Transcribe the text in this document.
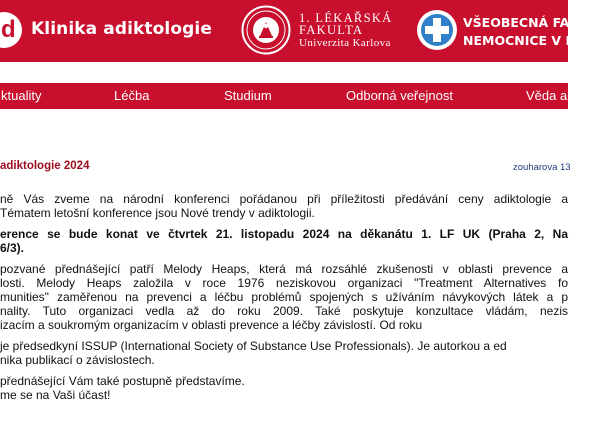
d Klinika adiktologie
1. LÉKAŘSKÁ
FAKULTA
Univerzita Karlova
VŠEOBECNÁ FAKU
NEMOCNICE V PR
ktuality	Léčba	Studium	Odborná veřejnost	Věda a
adiktologie 2024	zouharova 13
ně Vás zveme na národní konferenci pořádanou při příležitosti předávání ceny adiktologie a
Tématem letošní konference jsou Nové trendy v adiktologii.
erence se bude konat ve čtvrtek 21. listopadu 2024 na děkanátu 1. LF UK (Praha 2, Na
6/3).
pozvané přednášející patří Melody Heaps, která má rozsáhlé zkušenosti v oblasti prevence a
losti. Melody Heaps založila v roce 1976 neziskovou organizaci "Treatment Alternatives fo
munities" zaměřenou na prevenci a léčbu problémů spojených s užíváním návykových látek a p
nality. Tuto organizaci vedla až do roku 2009. Také poskytuje konzultace vládám, nezis
izacím a soukromým organizacím v oblasti prevence a léčby závislostí. Od roku
je předsedkyní ISSUP (International Society of Substance Use Professionals). Je autorkou a ed
nika publikací o závislostech.
přednášející Vám také postupně představíme.
me se na Vaši účast!
